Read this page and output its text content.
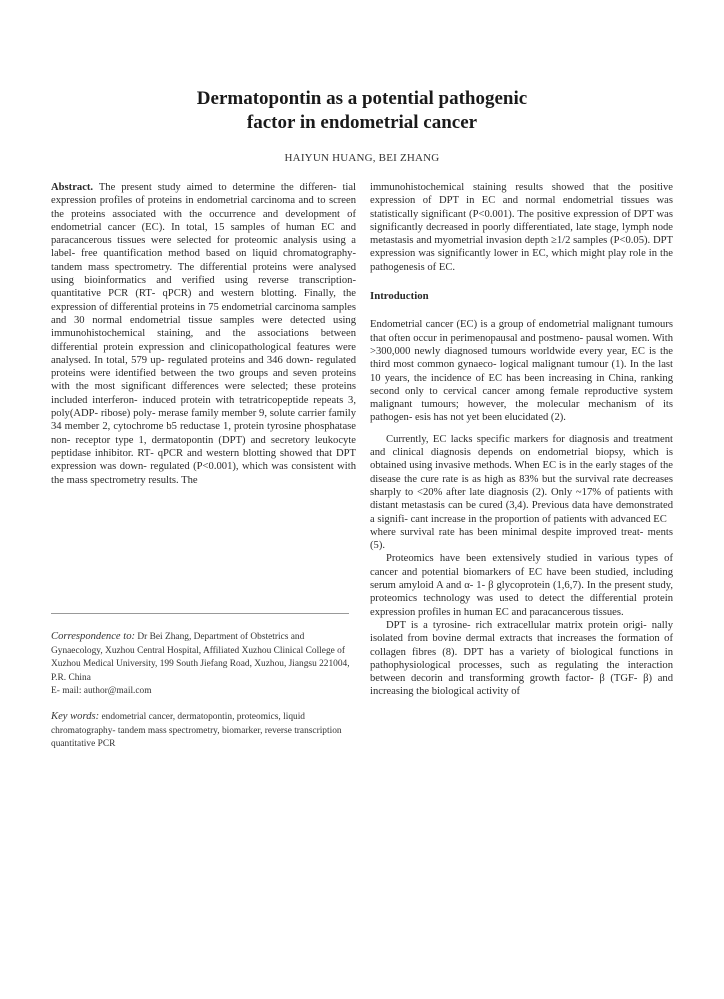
Dermatopontin as a potential pathogenic
factor in endometrial cancer
HAIYUN HUANG, BEI ZHANG

Abstract. The present study aimed to determine the differen- tial expression profiles of proteins in endometrial carcinoma and to screen the proteins associated with the occurrence and development of endometrial cancer (EC). In total, 15 samples of human EC and paracancerous tissues were selected for proteomic analysis using a label‐ free quantification method based on liquid chromatography‐ tandem mass spectrometry. The differential proteins were analysed using bioinformatics and verified using reverse transcription‐ quantitative PCR (RT‐ qPCR) and western blotting. Finally, the expression of differential proteins in 75 endometrial carcinoma samples and 30 normal endometrial tissue samples were detected using immunohistochemical staining, and the associations between differential protein expression and clinicopathological features were analysed. In total, 579 up‐ regulated proteins and 346 down‐ regulated proteins were identified between the two groups and seven proteins with the most significant differences were selected; these proteins included interferon‐ induced protein with tetratricopeptide repeats 3, poly(ADP‐ ribose) poly‐ merase family member 9, solute carrier family 34 member 2, cytochrome b5 reductase 1, protein tyrosine phosphatase non‐ receptor type 1, dermatopontin (DPT) and secretory leukocyte peptidase inhibitor. RT‐ qPCR and western blotting showed that DPT expression was down‐ regulated (P<0.001), which was consistent with the mass spectrometry results. The

Correspondence to: Dr Bei Zhang, Department of Obstetrics and Gynaecology, Xuzhou Central Hospital, Affiliated Xuzhou Clinical College of Xuzhou Medical University, 199 South Jiefang Road, Xuzhou, Jiangsu 221004, P.R. China
E‐ mail: author@mail.com
Key words: endometrial cancer, dermatopontin, proteomics, liquid chromatography‐ tandem mass spectrometry, biomarker, reverse transcription quantitative PCR

immunohistochemical staining results showed that the positive expression of DPT in EC and normal endometrial tissues was statistically significant (P<0.001). The positive expression of DPT was significantly decreased in poorly differentiated, late stage, lymph node metastasis and myometrial invasion depth ≥1/2 samples (P<0.05). DPT expression was significantly lower in EC, which might play role in the pathogenesis of EC.

Introduction

Endometrial cancer (EC) is a group of endometrial malignant tumours that often occur in perimenopausal and postmeno- pausal women. With >300,000 newly diagnosed tumours worldwide every year, EC is the third most common gynaeco‐ logical malignant tumour (1). In the last 10 years, the incidence of EC has been increasing in China, ranking second only to cervical cancer among female reproductive system malignant tumours; however, the molecular mechanism of its pathogen‐ esis has not yet been elucidated (2).

Currently, EC lacks specific markers for diagnosis and treatment and clinical diagnosis depends on endometrial biopsy, which is obtained using invasive methods. When EC is in the early stages of the disease the cure rate is as high as 83% but the survival rate decreases sharply to <20% after late diagnosis (2). Only ~17% of patients with distant metastasis can be cured (3,4). Previous data have demonstrated a signifi‐ cant increase in the proportion of patients with advanced EC

where survival rate has been minimal despite improved treat- ments (5).

Proteomics have been extensively studied in various types of cancer and potential biomarkers of EC have been studied, including serum amyloid A and α‐ 1‐ β glycoprotein (1,6,7). In the present study, proteomics technology was used to detect the differential protein expression profiles in human EC and paracancerous tissues.

DPT is a tyrosine‐ rich extracellular matrix protein origi‐ nally isolated from bovine dermal extracts that increases the formation of collagen fibres (8). DPT has a variety of biological functions in pathophysiological processes, such as regulating the interaction between decorin and transforming growth factor‐ β (TGF‐ β) and increasing the biological activity of
